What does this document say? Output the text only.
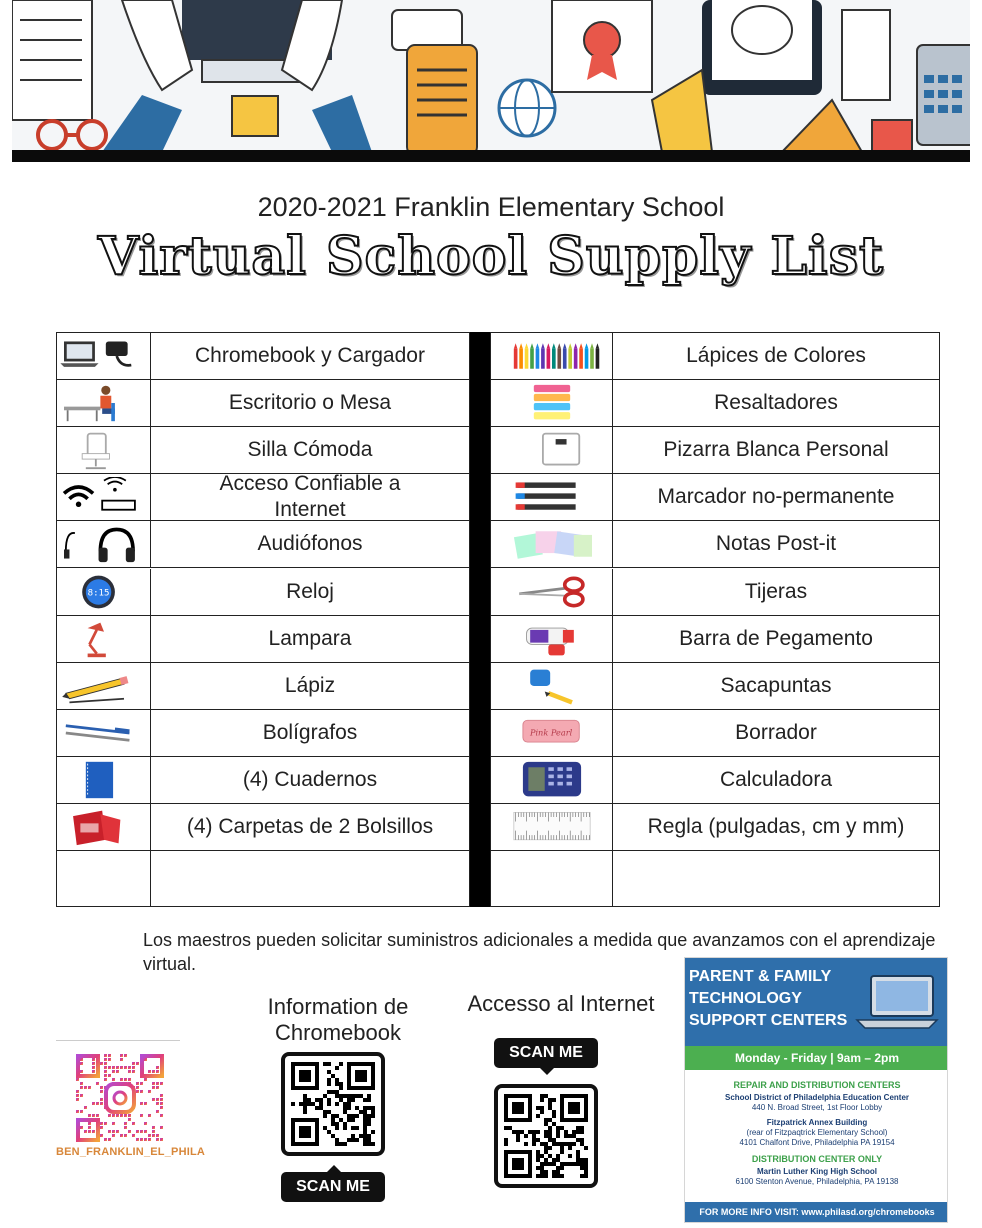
2020-2021 Franklin Elementary School
Virtual School Supply List
Chromebook y Cargador
Escritorio o Mesa
Silla Cómoda
Acceso Confiable a Internet
Audiófonos
8:15	Reloj
Lampara
Lápiz
Bolígrafos
(4) Cuadernos
(4) Carpetas de 2 Bolsillos
Lápices de Colores
Resaltadores
Pizarra Blanca Personal
Marcador no-permanente
Notas Post-it
Tijeras
Barra de Pegamento
Sacapuntas
Pink Pearl	Borrador
Calculadora
Regla (pulgadas, cm y mm)
Los maestros pueden solicitar suministros adicionales a medida que avanzamos con el aprendizaje virtual.
BEN_FRANKLIN_EL_PHILA
Information de Chromebook
SCAN ME
Accesso al Internet
SCAN ME
PARENT & FAMILY TECHNOLOGY SUPPORT CENTERS
Monday - Friday | 9am – 2pm
REPAIR AND DISTRIBUTION CENTERS
School District of Philadelphia Education Center
440 N. Broad Street, 1st Floor Lobby
Fitzpatrick Annex Building
(rear of Fitzpaqtrick Elementary School)
4101 Chalfont Drive, Philadelphia PA 19154
DISTRIBUTION CENTER ONLY
Martin Luther King High School
6100 Stenton Avenue, Philadelphia, PA 19138
FOR MORE INFO VISIT: www.philasd.org/chromebooks
